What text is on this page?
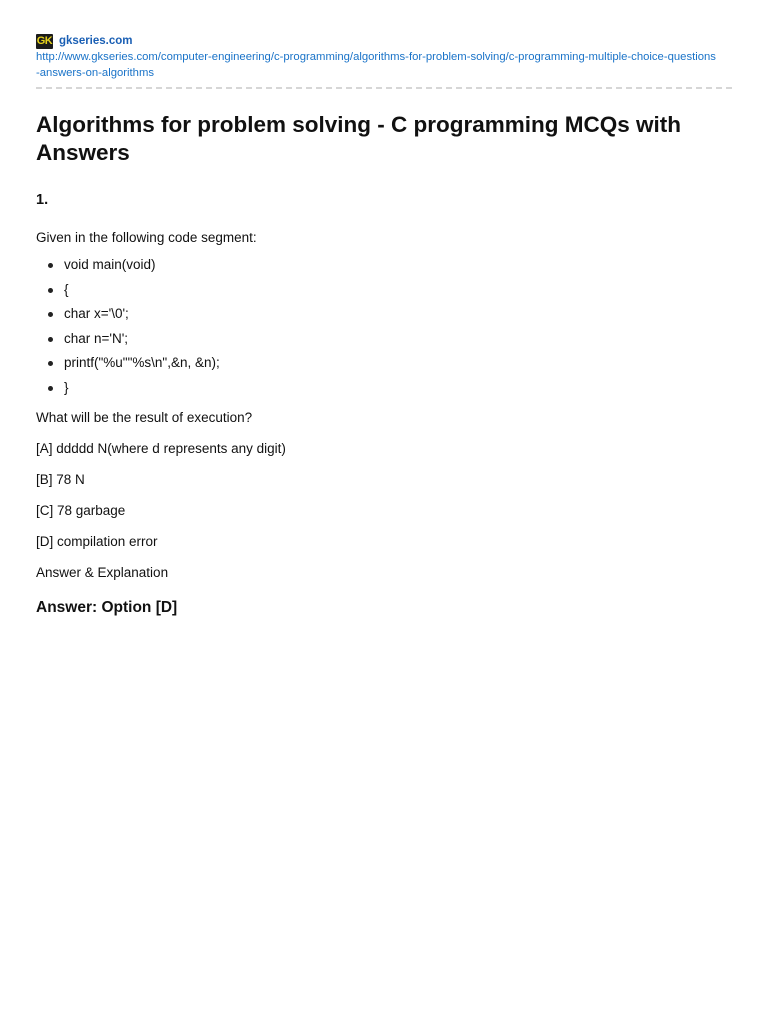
GK gkseries.com
http://www.gkseries.com/computer-engineering/c-programming/algorithms-for-problem-solving/c-programming-multiple-choice-questions-answers-on-algorithms
Algorithms for problem solving - C programming MCQs with Answers
1.
Given in the following code segment:
void main(void)
{
char x='\0';
char n='N';
printf("%u""%s\n",&n, &n);
}
What will be the result of execution?
[A] ddddd N(where d represents any digit)
[B] 78 N
[C] 78 garbage
[D] compilation error
Answer & Explanation
Answer: Option [D]
